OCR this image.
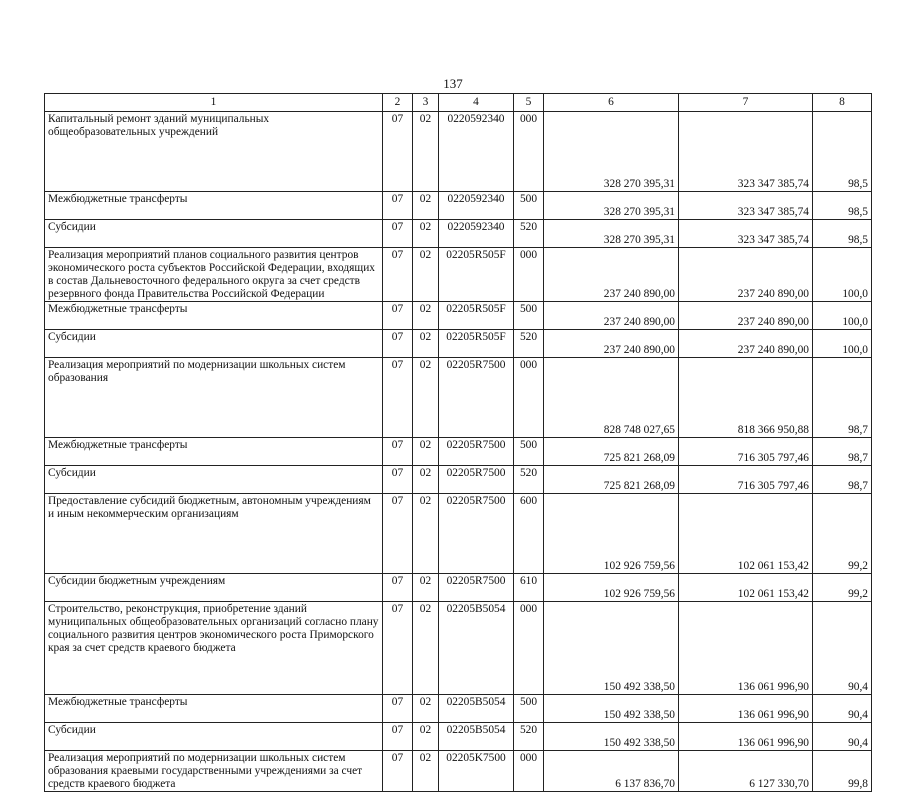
137
1	2	3	4	5	6	7	8
Капитальный ремонт зданий муниципальных общеобразовательных учреждений	07	02	0220592340	000	328 270 395,31	323 347 385,74	98,5
Межбюджетные трансферты	07	02	0220592340	500	328 270 395,31	323 347 385,74	98,5
Субсидии	07	02	0220592340	520	328 270 395,31	323 347 385,74	98,5
Реализация мероприятий планов социального развития центров экономического роста субъектов Российской Федерации, входящих в состав Дальневосточного федерального округа за счет средств резервного фонда Правительства Российской Федерации	07	02	02205R505F	000	237 240 890,00	237 240 890,00	100,0
Межбюджетные трансферты	07	02	02205R505F	500	237 240 890,00	237 240 890,00	100,0
Субсидии	07	02	02205R505F	520	237 240 890,00	237 240 890,00	100,0
Реализация мероприятий по модернизации школьных систем образования	07	02	02205R7500	000	828 748 027,65	818 366 950,88	98,7
Межбюджетные трансферты	07	02	02205R7500	500	725 821 268,09	716 305 797,46	98,7
Субсидии	07	02	02205R7500	520	725 821 268,09	716 305 797,46	98,7
Предоставление субсидий бюджетным, автономным учреждениям и иным некоммерческим организациям	07	02	02205R7500	600	102 926 759,56	102 061 153,42	99,2
Субсидии бюджетным учреждениям	07	02	02205R7500	610	102 926 759,56	102 061 153,42	99,2
Строительство, реконструкция, приобретение зданий муниципальных общеобразовательных организаций согласно плану социального развития центров экономического роста Приморского края за счет средств краевого бюджета	07	02	02205B5054	000	150 492 338,50	136 061 996,90	90,4
Межбюджетные трансферты	07	02	02205B5054	500	150 492 338,50	136 061 996,90	90,4
Субсидии	07	02	02205B5054	520	150 492 338,50	136 061 996,90	90,4
Реализация мероприятий по модернизации школьных систем образования краевыми государственными учреждениями за счет средств краевого бюджета	07	02	02205K7500	000	6 137 836,70	6 127 330,70	99,8
